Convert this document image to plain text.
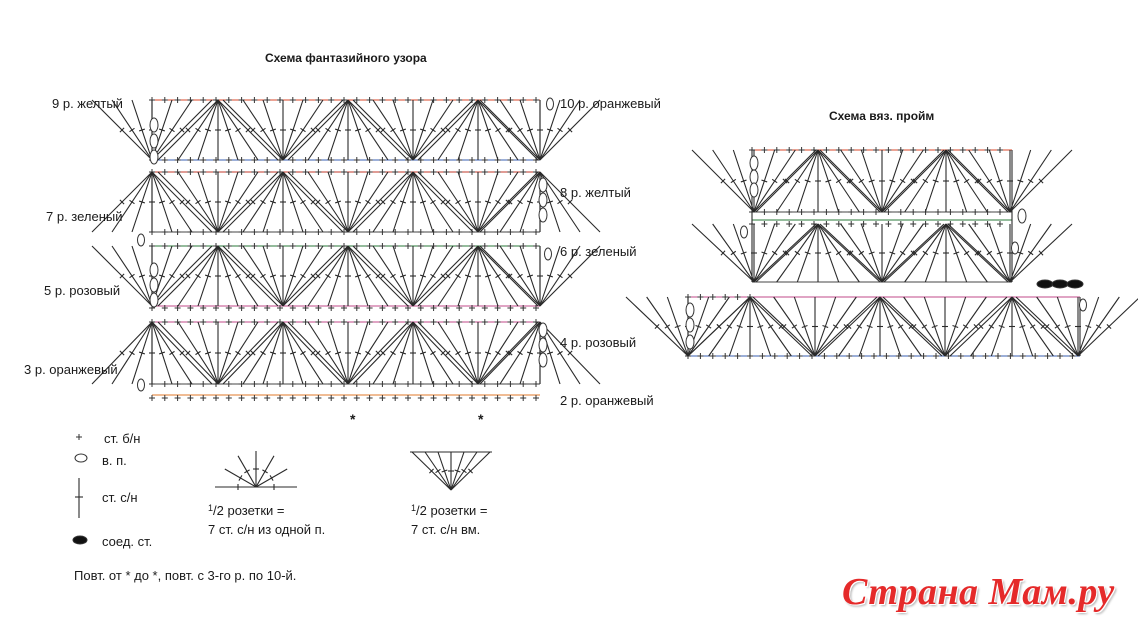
Схема фантазийного узора
9 р. желтый
7 р. зеленый
5 р. розовый
3 р. оранжевый
10 р. оранжевый
8 р. желтый
6 р. зеленый
4 р. розовый
2 р. оранжевый
*	*
Схема вяз. пройм
ст. б/н
в. п.
ст. с/н
соед. ст.
$^1$/2 розетки =
7 ст. с/н из одной п.
$^1$/2 розетки =
7 ст. с/н вм.
Повт. от * до *, повт. с 3-го р. по 10-й.	Страна Мам.ру
